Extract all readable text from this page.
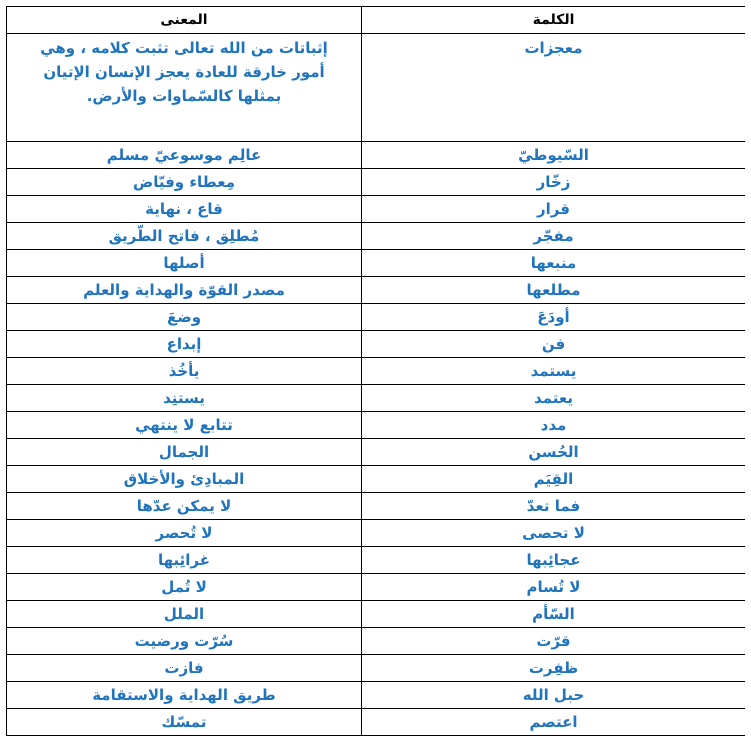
الكلمة	المعنى
معجزات	إثباتات من الله تعالى تثبت كلامه ، وهي أمور خارقة للعادة يعجز الإنسان الإتيان بمثلها كالسّماوات والأرض.
السّيوطيّ	عالِم موسوعيّ مسلم
زخّار	مِعطاء وفيّاض
قرار	قاع ، نهاية
مفجّر	مُطلِق ، فاتح الطّريق
منبعها	أصلها
مطلعها	مصدر القوّة والهداية والعلم
أودَعَ	وضعَ
فن	إبداع
يستمد	يأخُذ
يعتمد	يستنِد
مدد	تتابع لا ينتهي
الحُسن	الجمال
القِيَم	المبادِئ والأخلاق
فما تعدّ	لا يمكن عدّها
لا تحصى	لا تُحصر
عجائِبها	غرائِبها
لا تُسام	لا تُمل
السّأم	الملل
قرّت	سُرّت ورضيت
ظفِرت	فازت
حبل الله	طريق الهداية والاستقامة
اعتصم	تمسّك
